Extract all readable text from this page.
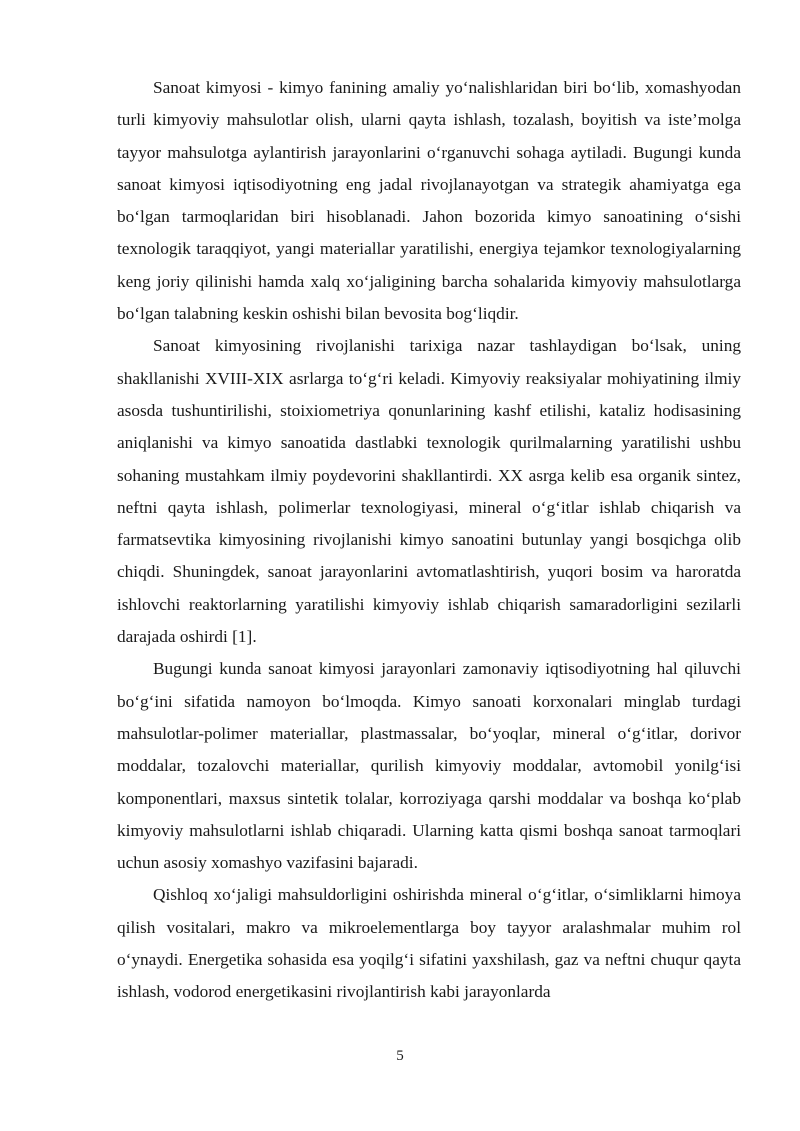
Sanoat kimyosi - kimyo fanining amaliy yo‘nalishlaridan biri bo‘lib, xomashyodan turli kimyoviy mahsulotlar olish, ularni qayta ishlash, tozalash, boyitish va iste’molga tayyor mahsulotga aylantirish jarayonlarini o‘rganuvchi sohaga aytiladi. Bugungi kunda sanoat kimyosi iqtisodiyotning eng jadal rivojlanayotgan va strategik ahamiyatga ega bo‘lgan tarmoqlaridan biri hisoblanadi. Jahon bozorida kimyo sanoatining o‘sishi texnologik taraqqiyot, yangi materiallar yaratilishi, energiya tejamkor texnologiyalarning keng joriy qilinishi hamda xalq xo‘jaligining barcha sohalarida kimyoviy mahsulotlarga bo‘lgan talabning keskin oshishi bilan bevosita bog‘liqdir.

Sanoat kimyosining rivojlanishi tarixiga nazar tashlaydigan bo‘lsak, uning shakllanishi XVIII-XIX asrlarga to‘g‘ri keladi. Kimyoviy reaksiyalar mohiyatining ilmiy asosda tushuntirilishi, stoixiometriya qonunlarining kashf etilishi, kataliz hodisasining aniqlanishi va kimyo sanoatida dastlabki texnologik qurilmalarning yaratilishi ushbu sohaning mustahkam ilmiy poydevorini shakllantirdi. XX asrga kelib esa organik sintez, neftni qayta ishlash, polimerlar texnologiyasi, mineral o‘g‘itlar ishlab chiqarish va farmatsevtika kimyosining rivojlanishi kimyo sanoatini butunlay yangi bosqichga olib chiqdi. Shuningdek, sanoat jarayonlarini avtomatlashtirish, yuqori bosim va haroratda ishlovchi reaktorlarning yaratilishi kimyoviy ishlab chiqarish samaradorligini sezilarli darajada oshirdi [1].

Bugungi kunda sanoat kimyosi jarayonlari zamonaviy iqtisodiyotning hal qiluvchi bo‘g‘ini sifatida namoyon bo‘lmoqda. Kimyo sanoati korxonalari minglab turdagi mahsulotlar-polimer materiallar, plastmassalar, bo‘yoqlar, mineral o‘g‘itlar, dorivor moddalar, tozalovchi materiallar, qurilish kimyoviy moddalar, avtomobil yonilg‘isi komponentlari, maxsus sintetik tolalar, korroziyaga qarshi moddalar va boshqa ko‘plab kimyoviy mahsulotlarni ishlab chiqaradi. Ularning katta qismi boshqa sanoat tarmoqlari uchun asosiy xomashyo vazifasini bajaradi.

Qishloq xo‘jaligi mahsuldorligini oshirishda mineral o‘g‘itlar, o‘simliklarni himoya qilish vositalari, makro va mikroelementlarga boy tayyor aralashmalar muhim rol o‘ynaydi. Energetika sohasida esa yoqilg‘i sifatini yaxshilash, gaz va neftni chuqur qayta ishlash, vodorod energetikasini rivojlantirish kabi jarayonlarda

5
